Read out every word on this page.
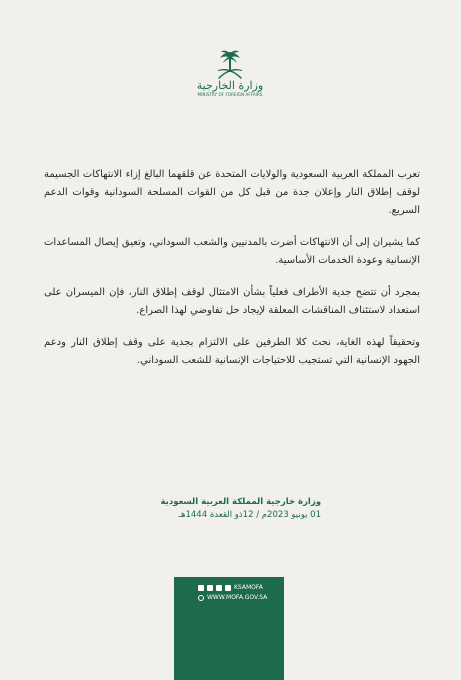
وزارة الخارجية
MINISTRY OF FOREIGN AFFAIRS

تعرب المملكة العربية السعودية والولايات المتحدة عن قلقهما البالغ إزاء الانتهاكات الجسيمة لوقف إطلاق النار وإعلان جدة من قبل كل من القوات المسلحة السودانية وقوات الدعم السريع.

كما يشيران إلى أن الانتهاكات أضرت بالمدنيين والشعب السوداني، وتعيق إيصال المساعدات الإنسانية وعودة الخدمات الأساسية.

بمجرد أن تتضح جدية الأطراف فعلياً بشأن الامتثال لوقف إطلاق النار، فإن الميسران على استعداد لاستئناف المناقشات المعلقة لإيجاد حل تفاوضي لهذا الصراع.

وتحقيقاً لهذه الغاية، نحث كلا الطرفين على الالتزام بجدية على وقف إطلاق النار ودعم الجهود الإنسانية التي تستجيب للاحتياجات الإنسانية للشعب السوداني.

وزارة خارجية المملكة العربية السعودية
01 يونيو 2023م / 12ذو القعدة 1444هـ
KSAMOFA
WWW.MOFA.GOV.SA
